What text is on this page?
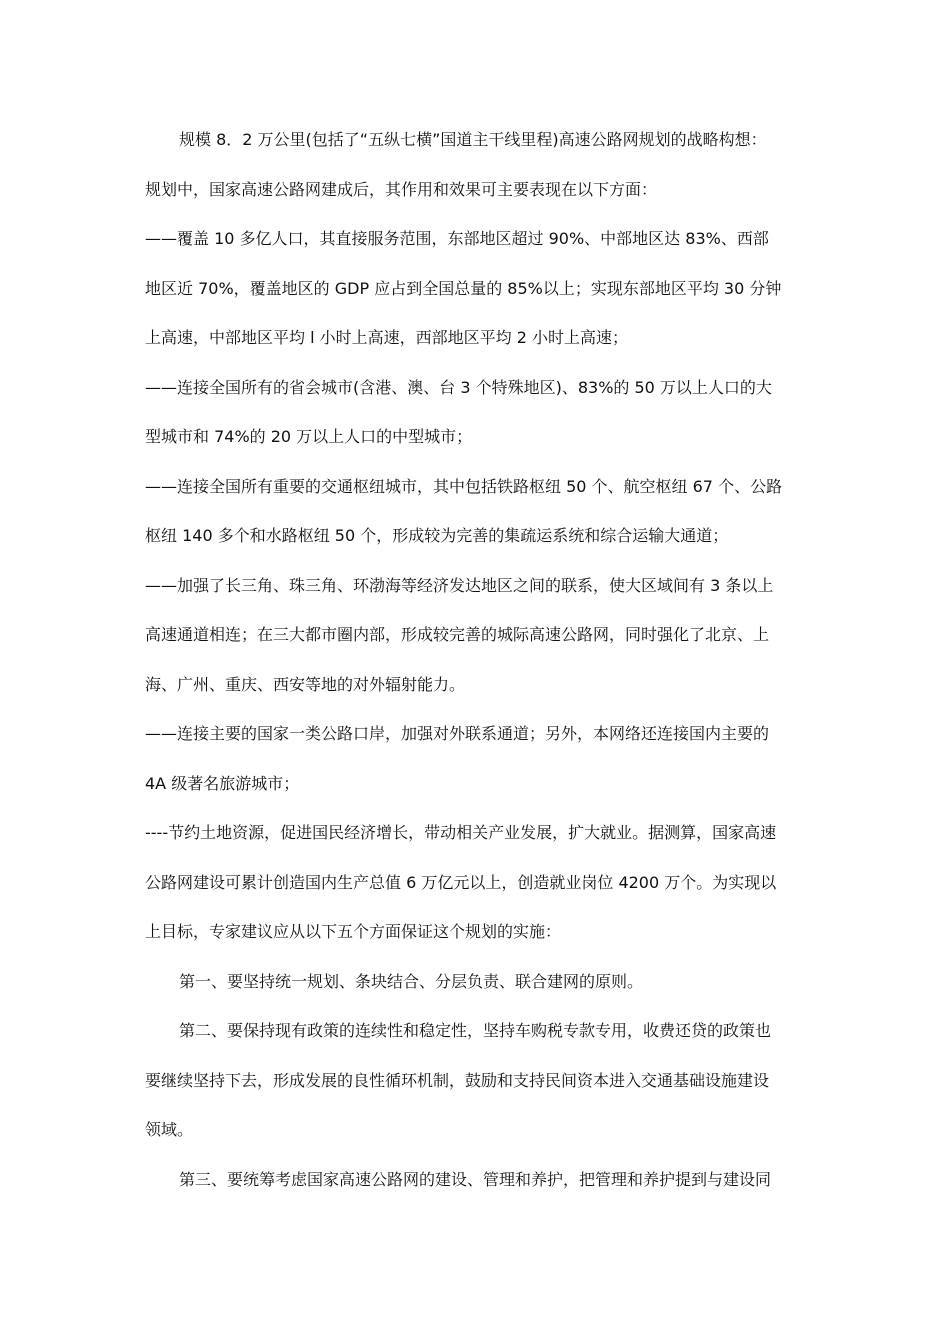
规模 8．2 万公里(包括了“五纵七横”国道主干线里程)高速公路网规划的战略构想：
规划中，国家高速公路网建成后，其作用和效果可主要表现在以下方面：
——覆盖 10 多亿人口，其直接服务范围，东部地区超过 90%、中部地区达 83%、西部
地区近 70%，覆盖地区的 GDP 应占到全国总量的 85%以上；实现东部地区平均 30 分钟
上高速，中部地区平均 l 小时上高速，西部地区平均 2 小时上高速；
——连接全国所有的省会城市(含港、澳、台 3 个特殊地区)、83%的 50 万以上人口的大
型城市和 74%的 20 万以上人口的中型城市；
——连接全国所有重要的交通枢纽城市，其中包括铁路枢纽 50 个、航空枢纽 67 个、公路
枢纽 140 多个和水路枢纽 50 个，形成较为完善的集疏运系统和综合运输大通道；
——加强了长三角、珠三角、环渤海等经济发达地区之间的联系，使大区域间有 3 条以上
高速通道相连；在三大都市圈内部，形成较完善的城际高速公路网，同时强化了北京、上
海、广州、重庆、西安等地的对外辐射能力。
——连接主要的国家一类公路口岸，加强对外联系通道；另外，本网络还连接国内主要的
4A 级著名旅游城市；
----节约土地资源，促进国民经济增长，带动相关产业发展，扩大就业。据测算，国家高速
公路网建设可累计创造国内生产总值 6 万亿元以上，创造就业岗位 4200 万个。为实现以
上目标，专家建议应从以下五个方面保证这个规划的实施：
第一、要坚持统一规划、条块结合、分层负责、联合建网的原则。
第二、要保持现有政策的连续性和稳定性，坚持车购税专款专用，收费还贷的政策也
要继续坚持下去，形成发展的良性循环机制，鼓励和支持民间资本进入交通基础设施建设
领域。
第三、要统筹考虑国家高速公路网的建设、管理和养护，把管理和养护提到与建设同
